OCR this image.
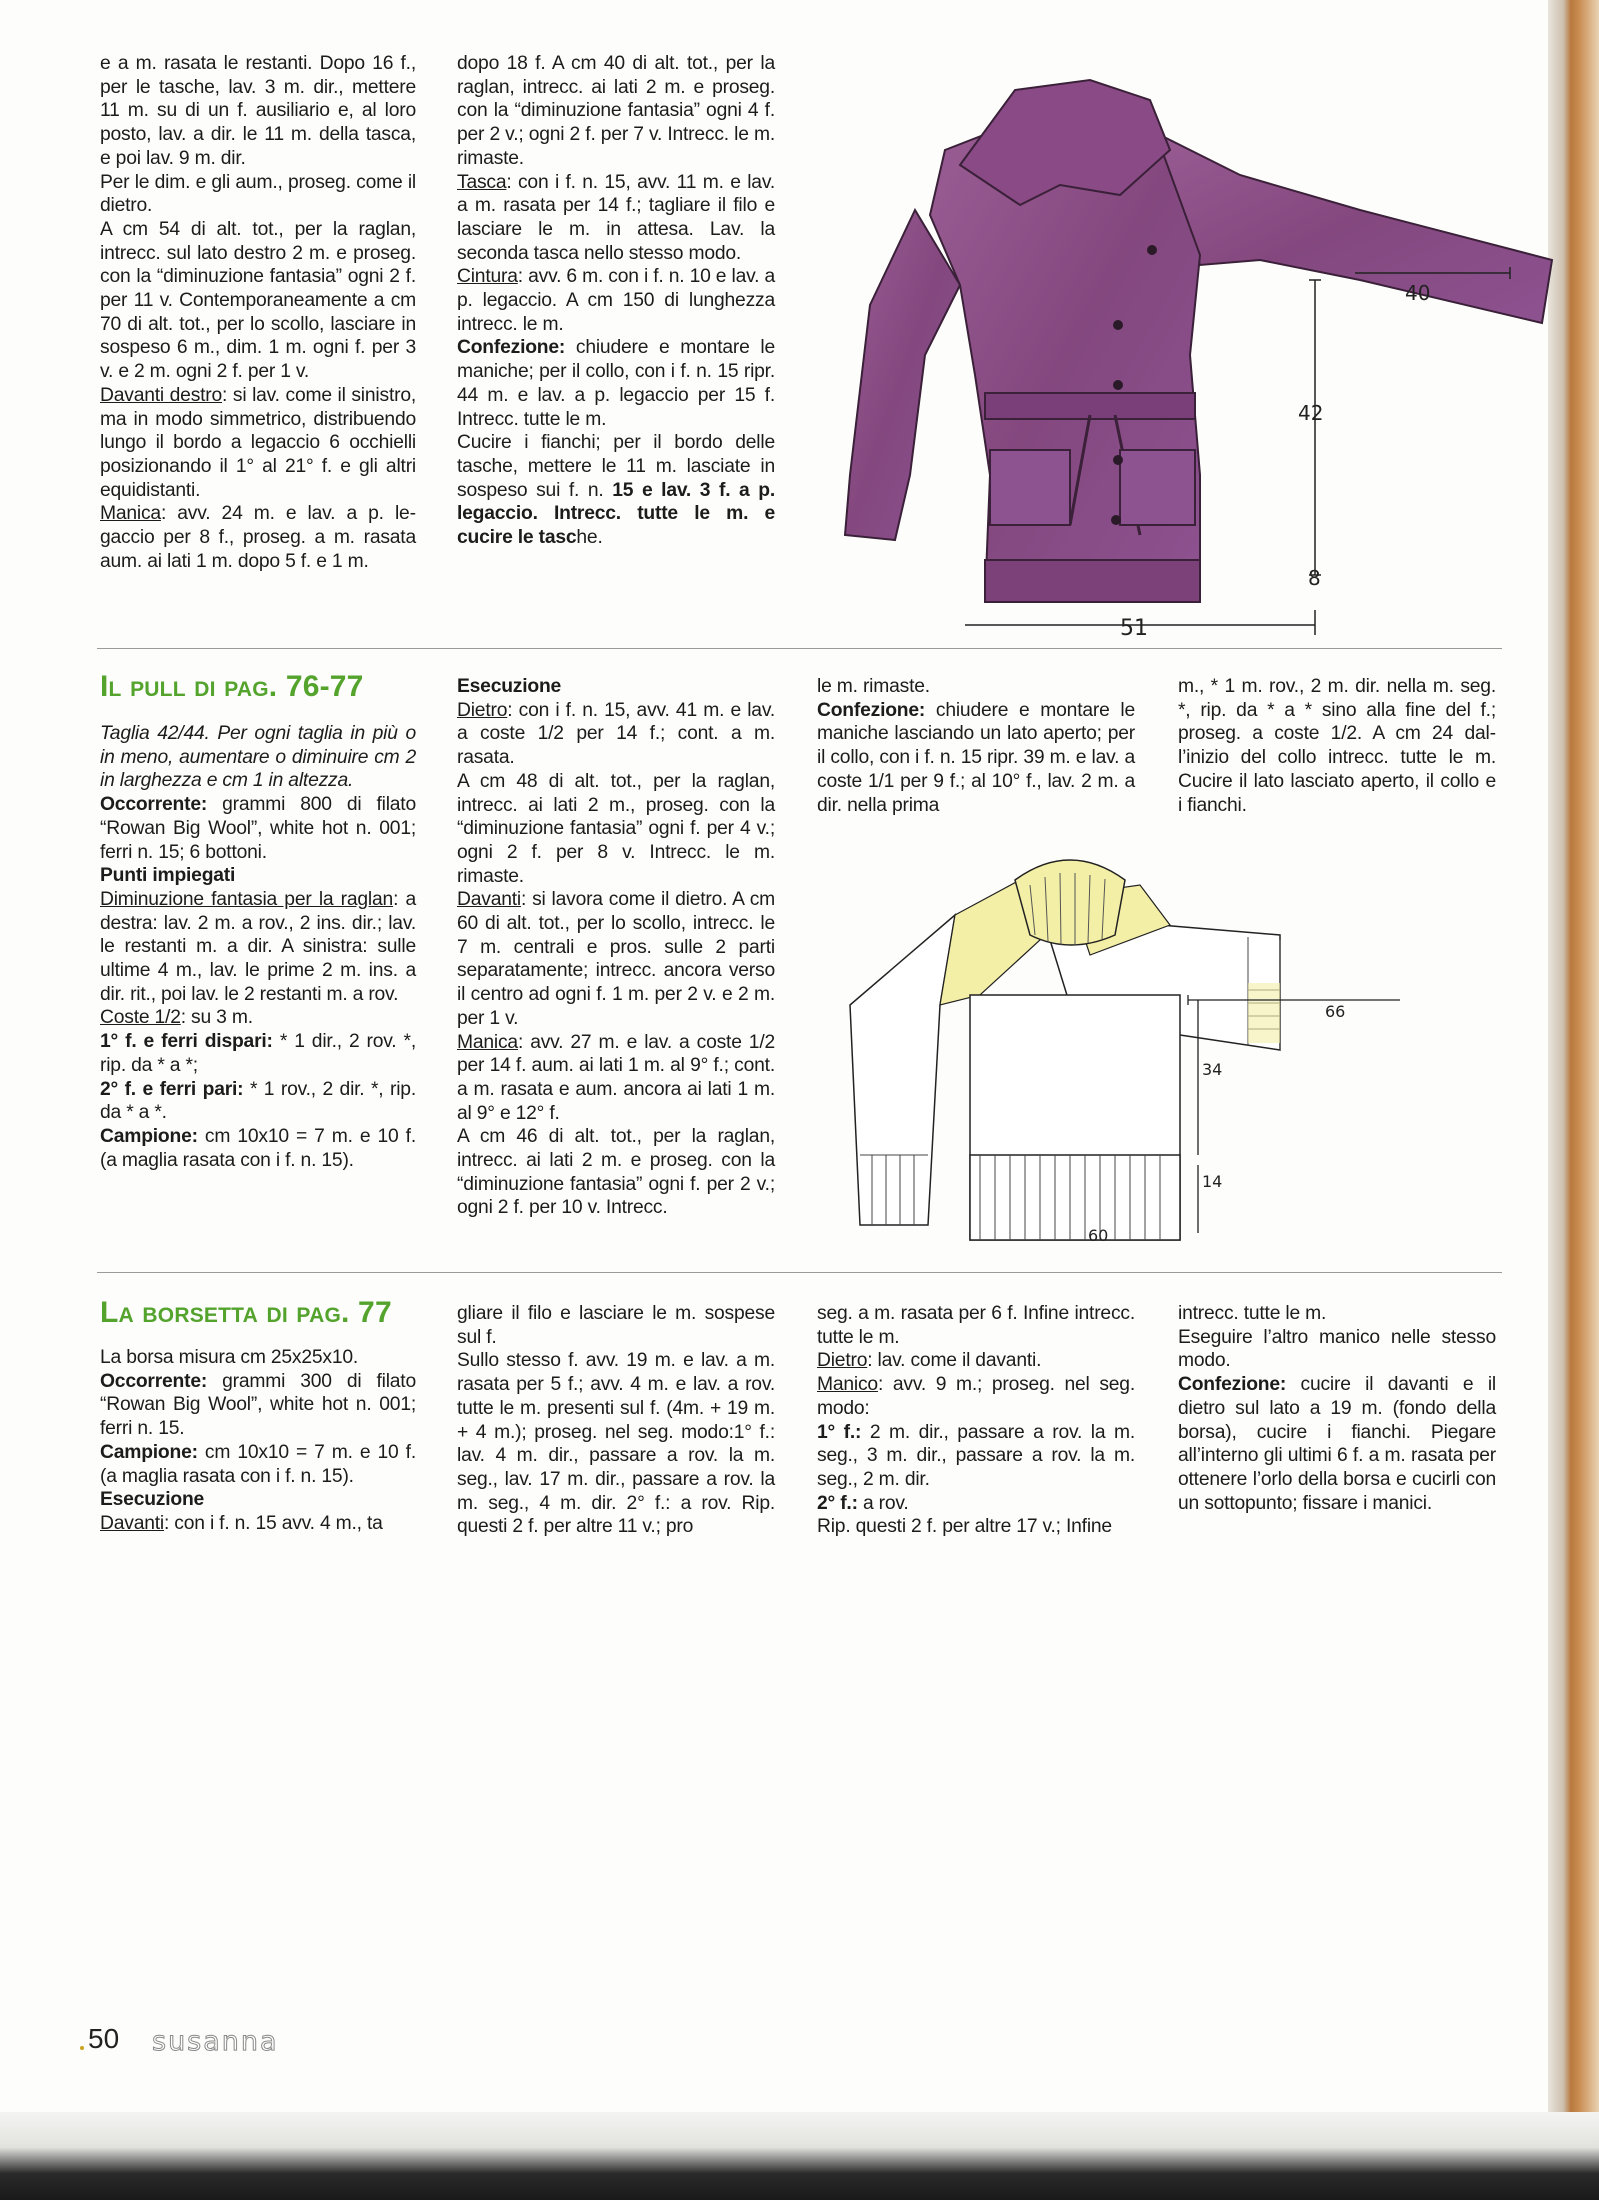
e a m. rasata le restanti. Dopo 16 f., per le tasche, lav. 3 m. dir., mettere 11 m. su di un f. ausiliario e, al loro posto, lav. a dir. le 11 m. della tasca, e poi lav. 9 m. dir.

Per le dim. e gli aum., proseg. come il dietro.

A cm 54 di alt. tot., per la raglan, intrecc. sul lato destro 2 m. e proseg. con la “diminuzione fantasia” ogni 2 f. per 11 v. Contemporaneamente a cm 70 di alt. tot., per lo scollo, lasciare in sospeso 6 m., dim. 1 m. ogni f. per 3 v. e 2 m. ogni 2 f. per 1 v.

Davanti destro: si lav. come il sinistro, ma in modo simmetrico, distribuendo lungo il bordo a legaccio 6 occhielli posizionando il 1° al 21° f. e gli altri equidistanti.

Manica: avv. 24 m. e lav. a p. legaccio per 8 f., proseg. a m. rasata aum. ai lati 1 m. dopo 5 f. e 1 m.

dopo 18 f. A cm 40 di alt. tot., per la raglan, intrecc. ai lati 2 m. e proseg. con la “diminuzione fantasia” ogni 4 f. per 2 v.; ogni 2 f. per 7 v. Intrecc. le m. rimaste.

Tasca: con i f. n. 15, avv. 11 m. e lav. a m. rasata per 14 f.; tagliare il filo e lasciare le m. in attesa. Lav. la seconda tasca nello stesso modo.

Cintura: avv. 6 m. con i f. n. 10 e lav. a p. legaccio. A cm 150 di lunghezza intrecc. le m.

Confezione: chiudere e montare le maniche; per il collo, con i f. n. 15 ripr. 44 m. e lav. a p. legaccio per 15 f. Intrecc. tutte le m.

Cucire i fianchi; per il bordo delle tasche, mettere le 11 m. lasciate in sospeso sui f. n. 15 e lav. 3 f. a p. legaccio. Intrecc. tutte le m. e cucire le tasche.

40
42
8
51
Il pull di pag. 76-77

Taglia 42/44. Per ogni taglia in più o in meno, aumentare o diminuire cm 2 in larghezza e cm 1 in altezza.

Occorrente: grammi 800 di filato “Rowan Big Wool”, white hot n. 001; ferri n. 15; 6 bottoni.

Punti impiegati

Diminuzione fantasia per la raglan: a destra: lav. 2 m. a rov., 2 ins. dir.; lav. le restanti m. a dir. A sinistra: sulle ultime 4 m., lav. le prime 2 m. ins. a dir. rit., poi lav. le 2 restanti m. a rov.

Coste 1/2: su 3 m.

1° f. e ferri dispari: * 1 dir., 2 rov. *, rip. da * a *;

2° f. e ferri pari: * 1 rov., 2 dir. *, rip. da * a *.

Campione: cm 10x10 = 7 m. e 10 f. (a maglia rasata con i f. n. 15).

Esecuzione

Dietro: con i f. n. 15, avv. 41 m. e lav. a coste 1/2 per 14 f.; cont. a m. rasata.

A cm 48 di alt. tot., per la raglan, intrecc. ai lati 2 m., proseg. con la “diminuzione fantasia” ogni f. per 4 v.; ogni 2 f. per 8 v. Intrecc. le m. rimaste.

Davanti: si lavora come il dietro. A cm 60 di alt. tot., per lo scollo, intrecc. le 7 m. centrali e pros. sulle 2 parti separatamente; intrecc. ancora verso il centro ad ogni f. 1 m. per 2 v. e 2 m. per 1 v.

Manica: avv. 27 m. e lav. a coste 1/2 per 14 f. aum. ai lati 1 m. al 9° f.; cont. a m. rasata e aum. ancora ai lati 1 m. al 9° e 12° f.

A cm 46 di alt. tot., per la raglan, intrecc. ai lati 2 m. e proseg. con la “diminuzione fantasia” ogni f. per 2 v.; ogni 2 f. per 10 v. Intrecc.

le m. rimaste.

Confezione: chiudere e montare le maniche lasciando un lato aperto; per il collo, con i f. n. 15 ripr. 39 m. e lav. a coste 1/1 per 9 f.; al 10° f., lav. 2 m. a dir. nella prima

m., * 1 m. rov., 2 m. dir. nella m. seg. *, rip. da * a * sino alla fine del f.; proseg. a coste 1/2. A cm 24 dall’inizio del collo intrecc. tutte le m. Cucire il lato lasciato aperto, il collo e i fianchi.

66
34
14
60
La borsetta di pag. 77

La borsa misura cm 25x25x10.

Occorrente: grammi 300 di filato “Rowan Big Wool”, white hot n. 001; ferri n. 15.

Campione: cm 10x10 = 7 m. e 10 f. (a maglia rasata con i f. n. 15).

Esecuzione

Davanti: con i f. n. 15 avv. 4 m., ta

gliare il filo e lasciare le m. sospese sul f.

Sullo stesso f. avv. 19 m. e lav. a m. rasata per 5 f.; avv. 4 m. e lav. a rov. tutte le m. presenti sul f. (4m. + 19 m. + 4 m.); proseg. nel seg. modo:1° f.: lav. 4 m. dir., passare a rov. la m. seg., lav. 17 m. dir., passare a rov. la m. seg., 4 m. dir. 2° f.: a rov. Rip. questi 2 f. per altre 11 v.; pro

seg. a m. rasata per 6 f. Infine intrecc. tutte le m.

Dietro: lav. come il davanti.

Manico: avv. 9 m.; proseg. nel seg. modo:

1° f.: 2 m. dir., passare a rov. la m. seg., 3 m. dir., passare a rov. la m. seg., 2 m. dir.

2° f.: a rov.

Rip. questi 2 f. per altre 17 v.; Infine

intrecc. tutte le m.

Eseguire l’altro manico nelle stesso modo.

Confezione: cucire il davanti e il dietro sul lato a 19 m. (fondo della borsa), cucire i fianchi. Piegare all’interno gli ultimi 6 f. a m. rasata per ottenere l’orlo della borsa e cucirli con un sottopunto; fissare i manici.

50 susanna
